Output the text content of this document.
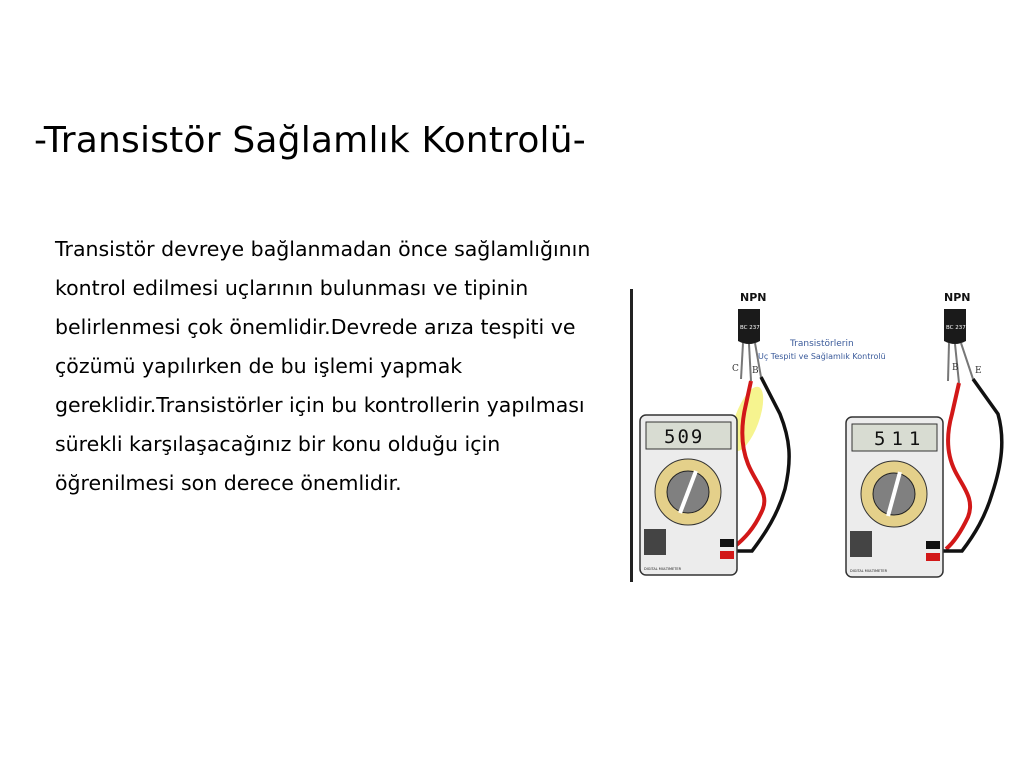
-Transistör Sağlamlık Kontrolü-

Transistör devreye bağlanmadan önce sağlamlığının kontrol edilmesi uçlarının bulunması ve tipinin belirlenmesi çok önemlidir.Devrede arıza tespiti ve çözümü yapılırken de bu işlemi yapmak gereklidir.Transistörler için bu kontrollerin yapılması sürekli karşılaşacağınız bir konu olduğu için öğrenilmesi son derece önemlidir.

Transistörlerin
Uç Tespiti ve Sağlamlık Kontrolü
NPN
BC 237
C B
509
DIGITAL MULTIMETER
NPN
BC 237
B E
511
DIGITAL MULTIMETER
